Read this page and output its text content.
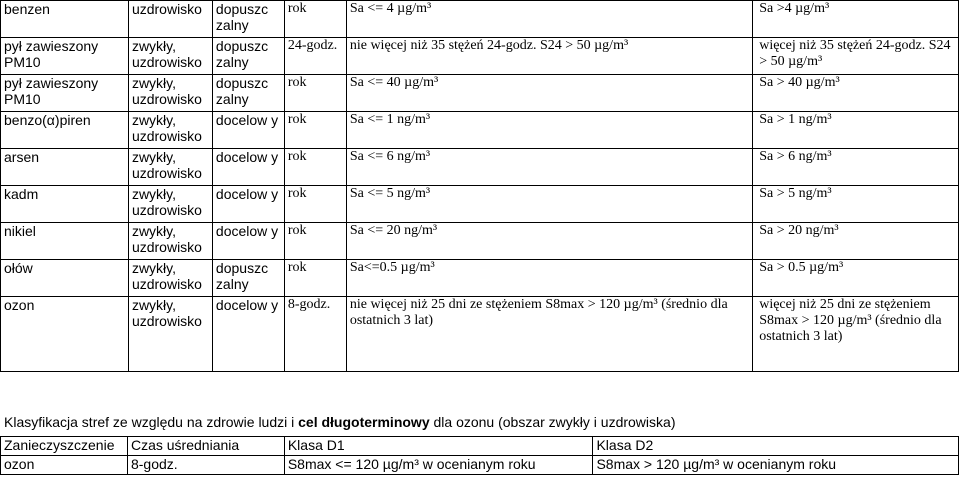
benzen	uzdrowisko	dopuszc zalny	rok	Sa <= 4 µg/m³	Sa >4 µg/m³
pył zawieszony PM10	zwykły, uzdrowisko	dopuszc zalny	24-godz.	nie więcej niż 35 stężeń 24-godz. S24 > 50 µg/m³	więcej niż 35 stężeń 24-godz. S24 > 50 µg/m³
pył zawieszony PM10	zwykły, uzdrowisko	dopuszc zalny	rok	Sa <= 40 µg/m³	Sa > 40 µg/m³
benzo(α)piren	zwykły, uzdrowisko	docelow y	rok	Sa <= 1 ng/m³	Sa > 1 ng/m³
arsen	zwykły, uzdrowisko	docelow y	rok	Sa <= 6 ng/m³	Sa > 6 ng/m³
kadm	zwykły, uzdrowisko	docelow y	rok	Sa <= 5 ng/m³	Sa > 5 ng/m³
nikiel	zwykły, uzdrowisko	docelow y	rok	Sa <= 20 ng/m³	Sa > 20 ng/m³
ołów	zwykły, uzdrowisko	dopuszc zalny	rok	Sa<=0.5 µg/m³	Sa > 0.5 µg/m³
ozon	zwykły, uzdrowisko	docelow y	8-godz.	nie więcej niż 25 dni ze stężeniem S8max > 120 µg/m³ (średnio dla ostatnich 3 lat)	więcej niż 25 dni ze stężeniem S8max > 120 µg/m³ (średnio dla ostatnich 3 lat)
Klasyfikacja stref ze względu na zdrowie ludzi i cel długoterminowy dla ozonu (obszar zwykły i uzdrowiska)
Zanieczyszczenie	Czas uśredniania	Klasa D1	Klasa D2
ozon	8-godz.	S8max <= 120 µg/m³ w ocenianym roku	S8max > 120 µg/m³ w ocenianym roku
